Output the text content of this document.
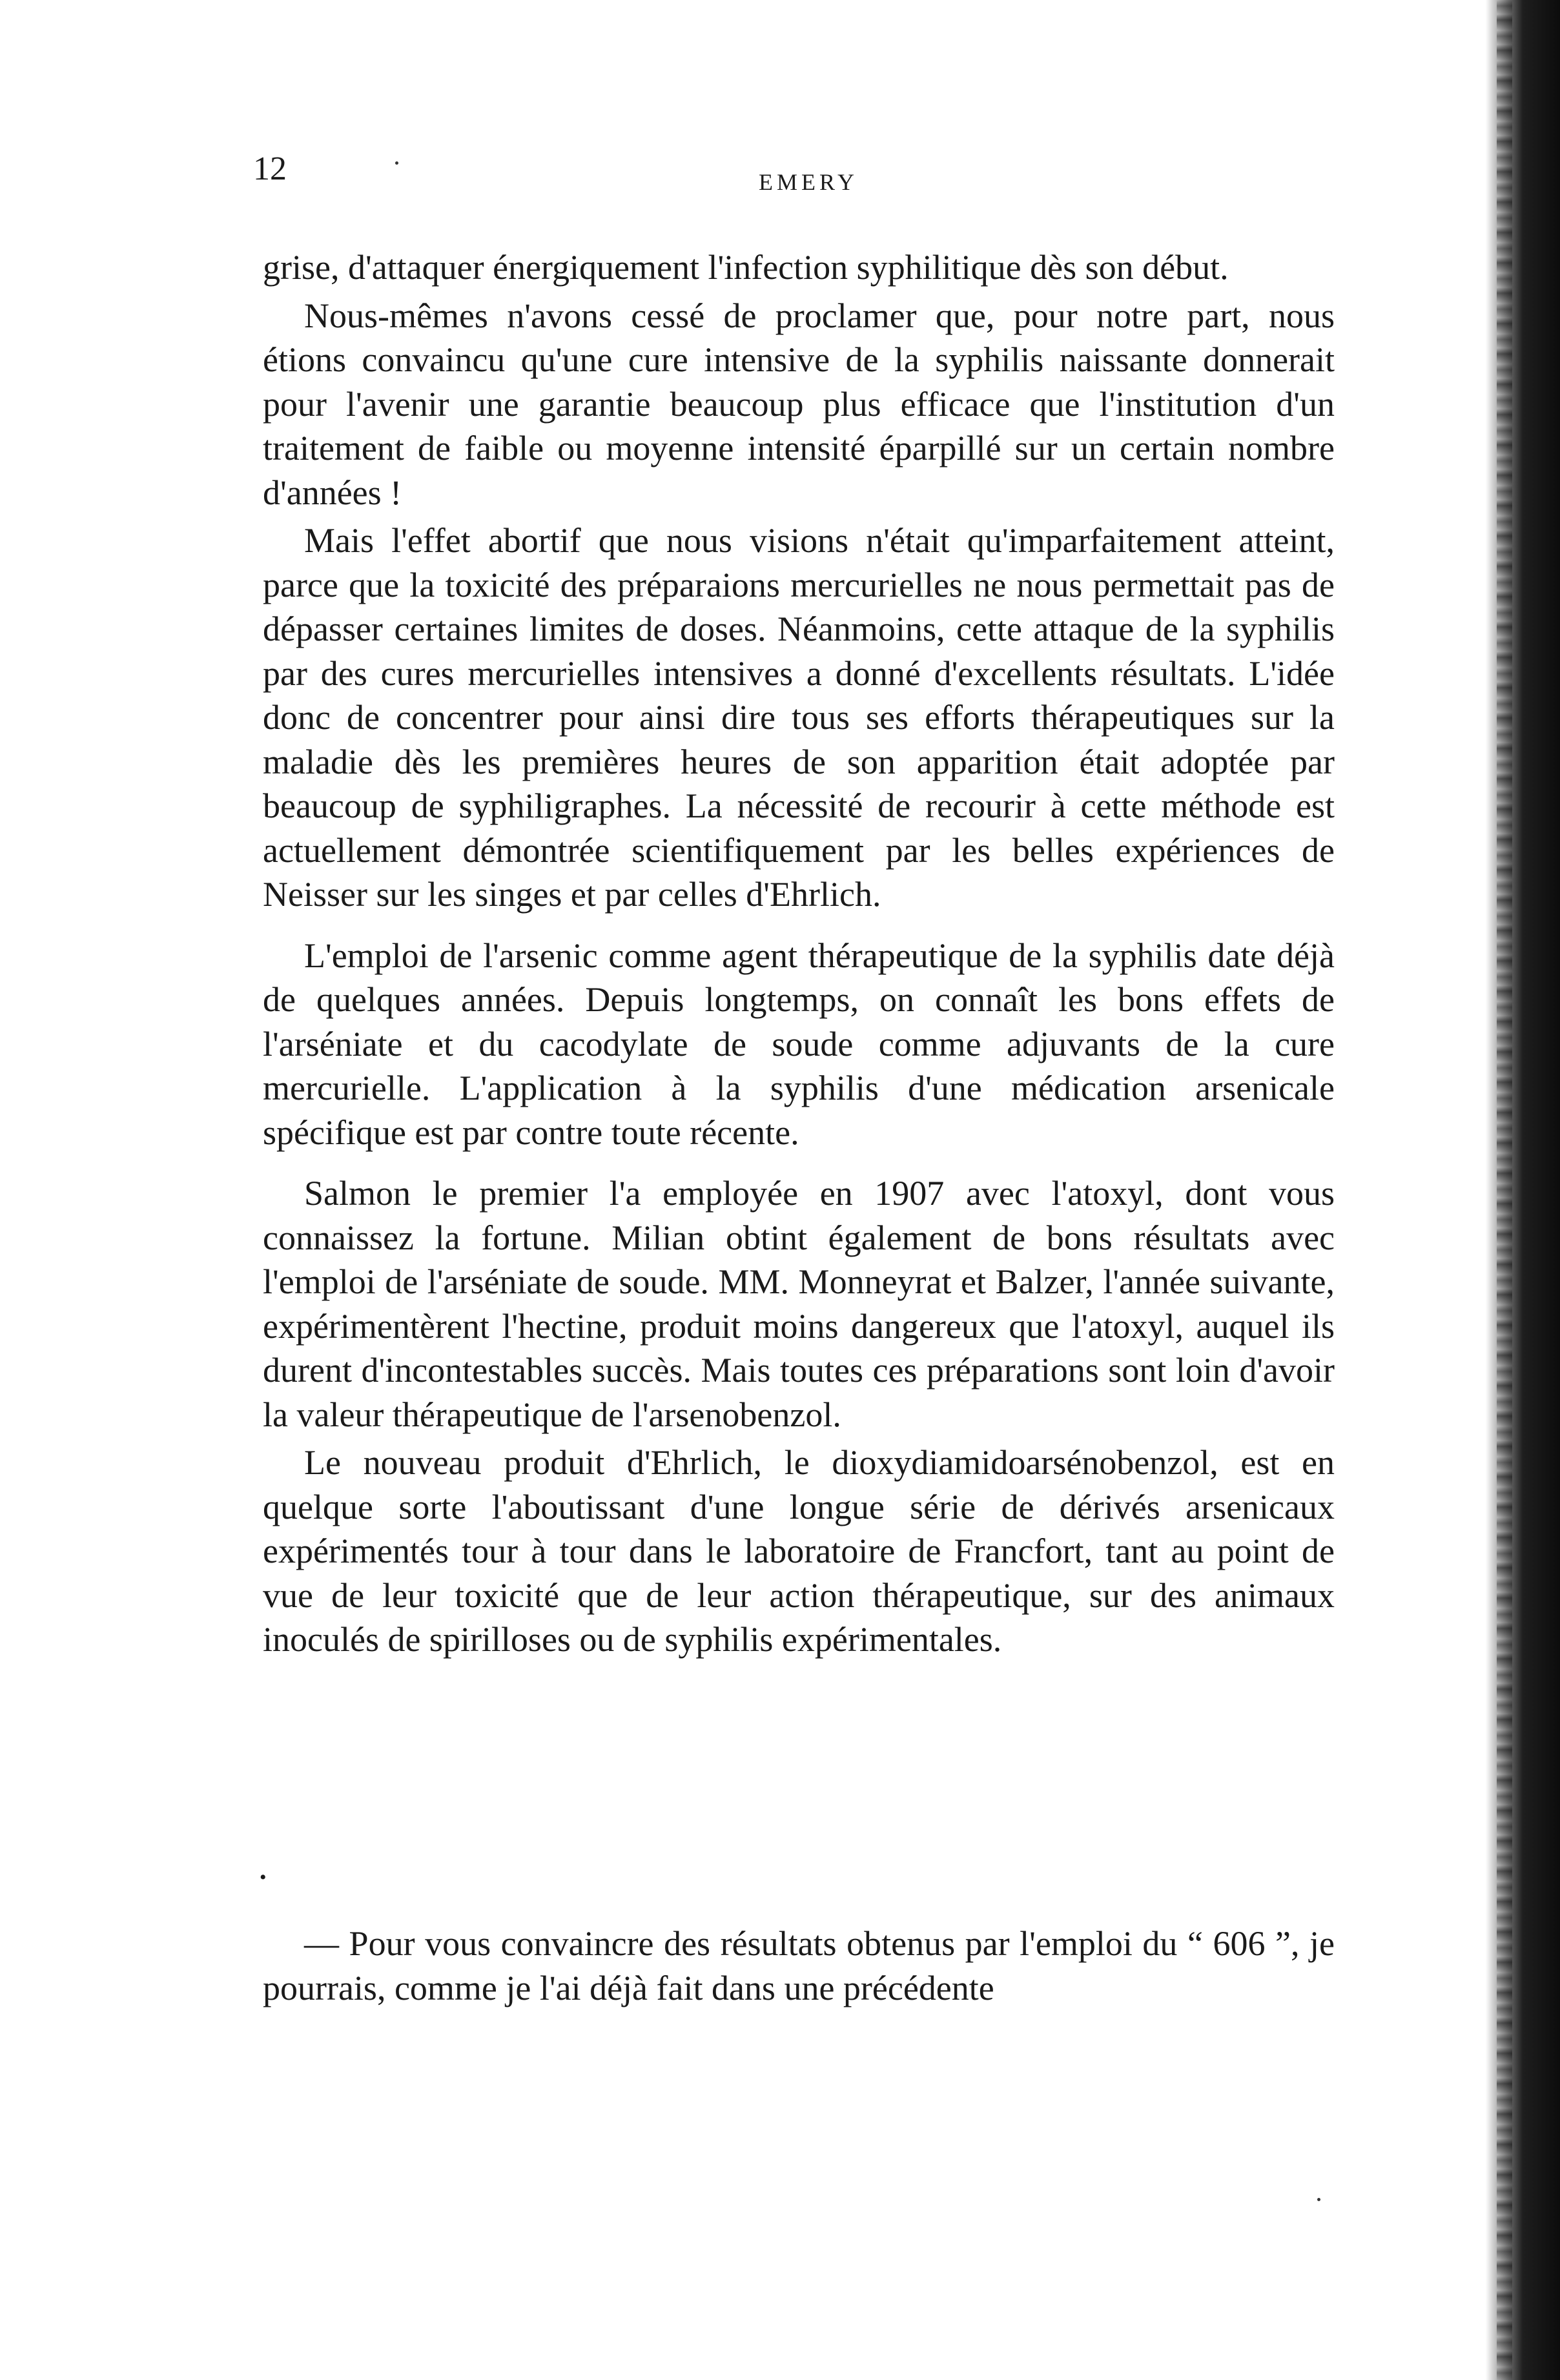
12	EMERY

grise, d'attaquer énergiquement l'infection syphilitique dès son début.

Nous-mêmes n'avons cessé de proclamer que, pour notre part, nous étions convaincu qu'une cure intensive de la syphilis naissante donnerait pour l'avenir une garantie beaucoup plus efficace que l'institution d'un traitement de faible ou moyenne intensité éparpillé sur un certain nombre d'années !

Mais l'effet abortif que nous visions n'était qu'imparfaitement atteint, parce que la toxicité des préparaions mercurielles ne nous permettait pas de dépasser certaines limites de doses. Néanmoins, cette attaque de la syphilis par des cures mercurielles intensives a donné d'excellents résultats. L'idée donc de concentrer pour ainsi dire tous ses efforts thérapeutiques sur la maladie dès les premières heures de son apparition était adoptée par beaucoup de syphiligraphes. La nécessité de recourir à cette méthode est actuellement démontrée scientifiquement par les belles expériences de Neisser sur les singes et par celles d'Ehrlich.

L'emploi de l'arsenic comme agent thérapeutique de la syphilis date déjà de quelques années. Depuis longtemps, on connaît les bons effets de l'arséniate et du cacodylate de soude comme adjuvants de la cure mercurielle. L'application à la syphilis d'une médication arsenicale spécifique est par contre toute récente.

Salmon le premier l'a employée en 1907 avec l'atoxyl, dont vous connaissez la fortune. Milian obtint également de bons résultats avec l'emploi de l'arséniate de soude. MM. Monneyrat et Balzer, l'année suivante, expérimentèrent l'hectine, produit moins dangereux que l'atoxyl, auquel ils durent d'incontestables succès. Mais toutes ces préparations sont loin d'avoir la valeur thérapeutique de l'arsenobenzol.

Le nouveau produit d'Ehrlich, le dioxydiamidoarsénobenzol, est en quelque sorte l'aboutissant d'une longue série de dérivés arsenicaux expérimentés tour à tour dans le laboratoire de Francfort, tant au point de vue de leur toxicité que de leur action thérapeutique, sur des animaux inoculés de spirilloses ou de syphilis expérimentales.

•

— Pour vous convaincre des résultats obtenus par l'emploi du “ 606 ”, je pourrais, comme je l'ai déjà fait dans une précédente
